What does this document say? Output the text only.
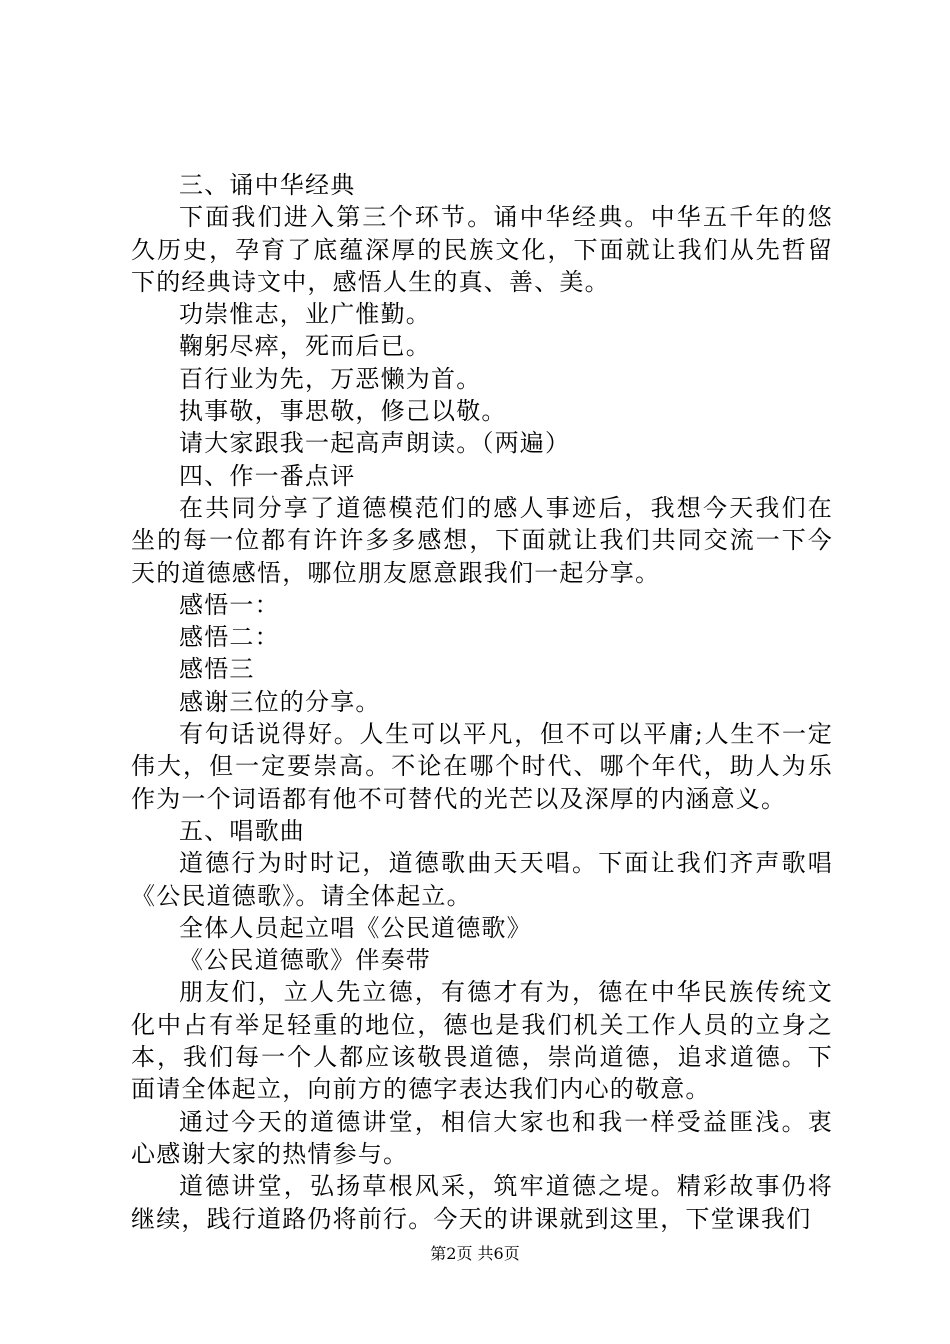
三、诵中华经典

下面我们进入第三个环节。诵中华经典。中华五千年的悠久历史，孕育了底蕴深厚的民族文化，下面就让我们从先哲留下的经典诗文中，感悟人生的真、善、美。

功崇惟志，业广惟勤。

鞠躬尽瘁，死而后已。

百行业为先，万恶懒为首。

执事敬，事思敬，修己以敬。

请大家跟我一起高声朗读。（两遍）

四、作一番点评

在共同分享了道德模范们的感人事迹后，我想今天我们在坐的每一位都有许许多多感想，下面就让我们共同交流一下今天的道德感悟，哪位朋友愿意跟我们一起分享。

感悟一：

感悟二：

感悟三

感谢三位的分享。

有句话说得好。人生可以平凡，但不可以平庸;人生不一定伟大，但一定要崇高。不论在哪个时代、哪个年代，助人为乐作为一个词语都有他不可替代的光芒以及深厚的内涵意义。

五、唱歌曲

道德行为时时记，道德歌曲天天唱。下面让我们齐声歌唱《公民道德歌》。请全体起立。

全体人员起立唱《公民道德歌》

《公民道德歌》伴奏带

朋友们，立人先立德，有德才有为，德在中华民族传统文化中占有举足轻重的地位，德也是我们机关工作人员的立身之本，我们每一个人都应该敬畏道德，崇尚道德，追求道德。下面请全体起立，向前方的德字表达我们内心的敬意。

通过今天的道德讲堂，相信大家也和我一样受益匪浅。衷心感谢大家的热情参与。

道德讲堂，弘扬草根风采，筑牢道德之堤。精彩故事仍将继续，践行道路仍将前行。今天的讲课就到这里，下堂课我们

第2页 共6页
